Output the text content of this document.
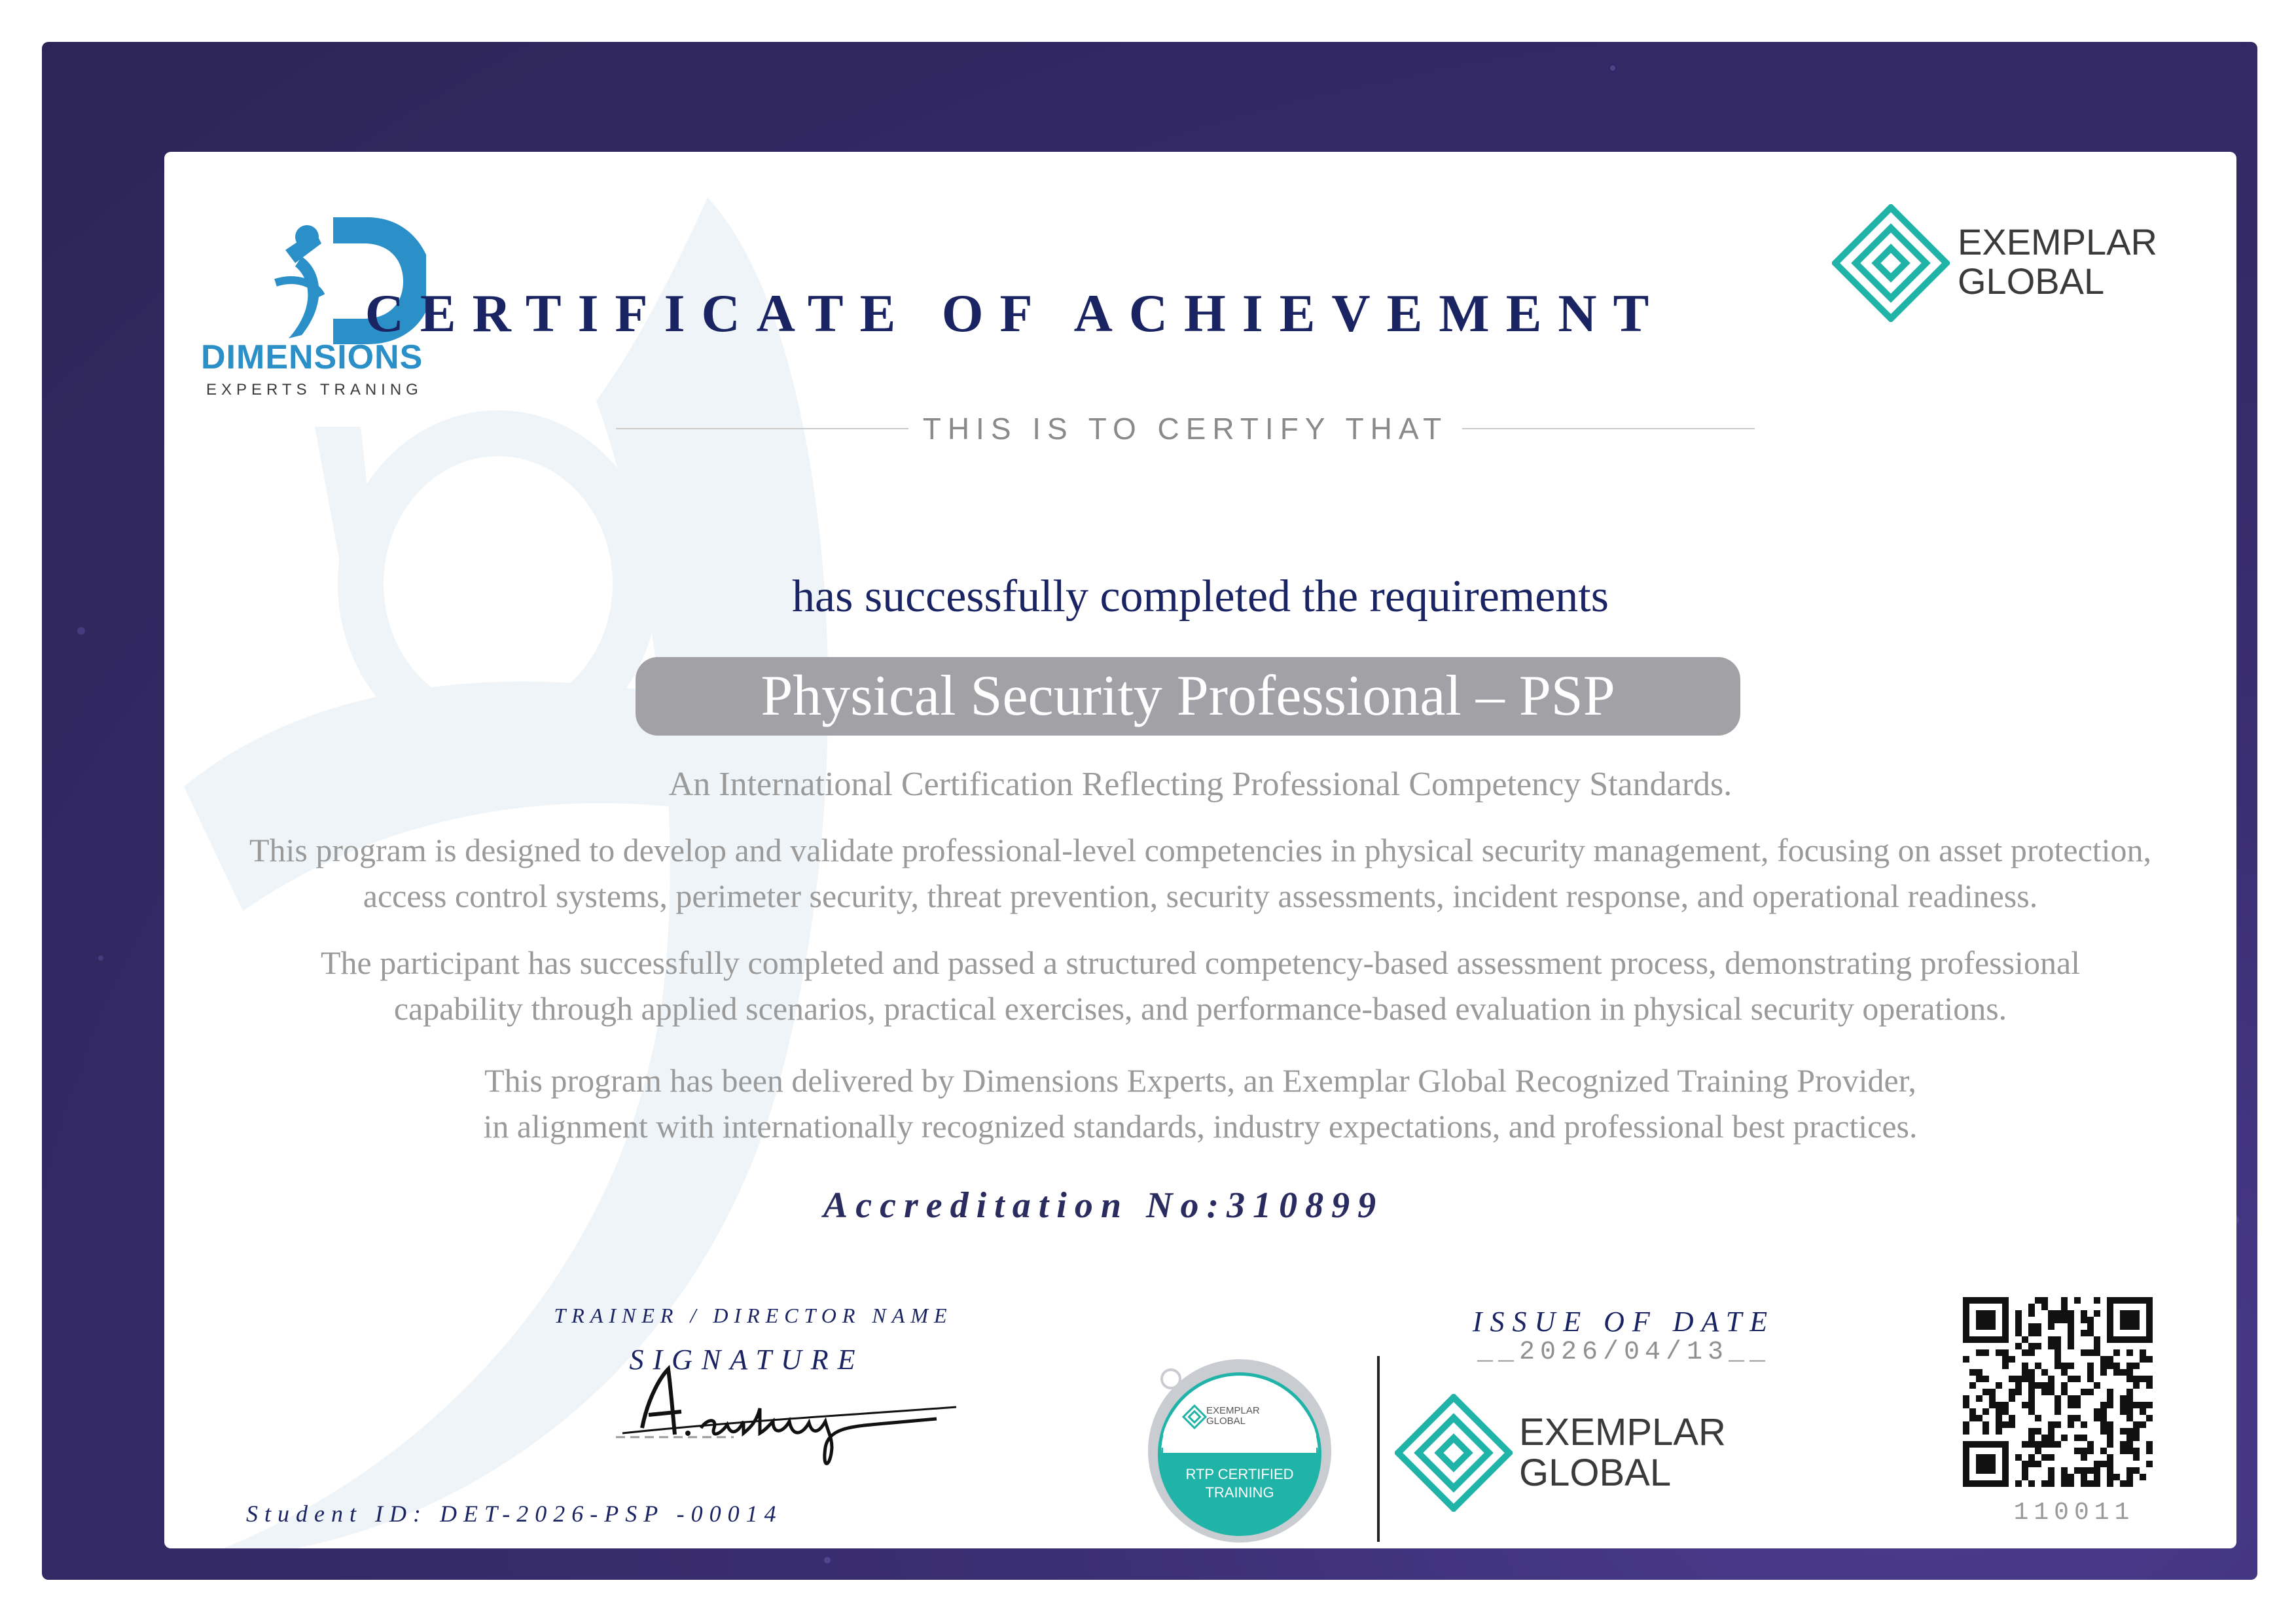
DIMENSIONS
EXPERTS TRANING
EXEMPLAR
GLOBAL
CERTIFICATE OF ACHIEVEMENT
THIS IS TO CERTIFY THAT
has successfully completed the requirements
Physical Security Professional – PSP
An International Certification Reflecting Professional Competency Standards.
This program is designed to develop and validate professional-level competencies in physical security management, focusing on asset protection,
access control systems, perimeter security, threat prevention, security assessments, incident response, and operational readiness.
The participant has successfully completed and passed a structured competency-based assessment process, demonstrating professional
capability through applied scenarios, practical exercises, and performance-based evaluation in physical security operations.
This program has been delivered by Dimensions Experts, an Exemplar Global Recognized Training Provider,
in alignment with internationally recognized standards, industry expectations, and professional best practices.
Accreditation No:310899
TRAINER / DIRECTOR NAME
SIGNATURE
Student ID: DET-2026-PSP -00014
EXEMPLAR
GLOBAL
RTP CERTIFIED
TRAINING
ISSUE OF DATE
__2026/04/13__
EXEMPLAR
GLOBAL
110011
